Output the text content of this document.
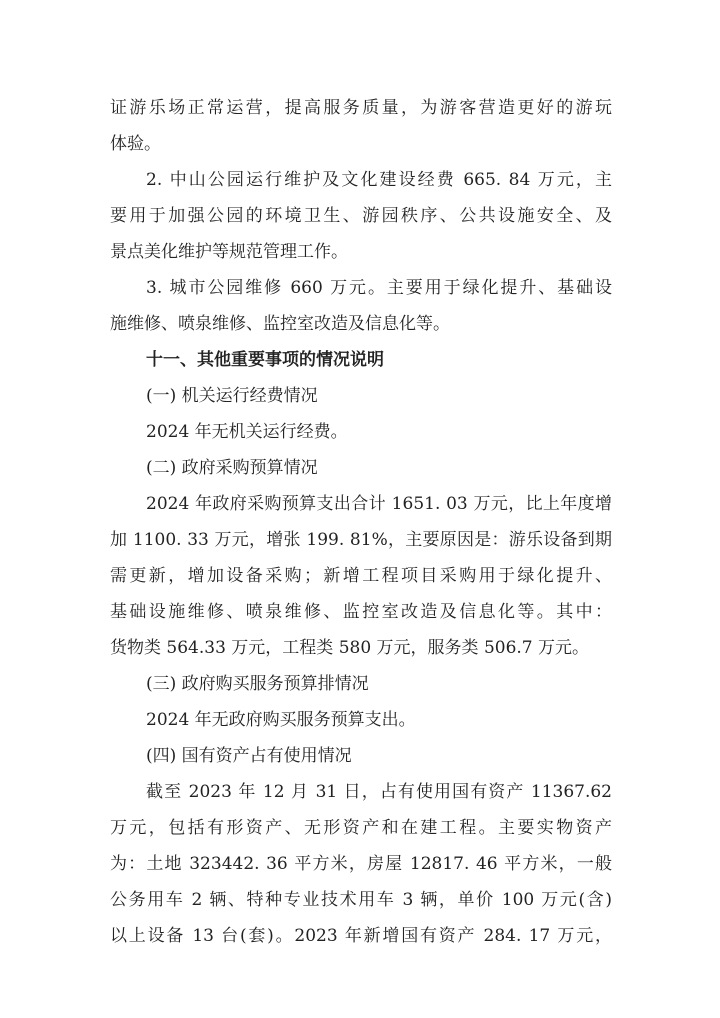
证游乐场正常运营，提高服务质量，为游客营造更好的游玩
体验。
2. 中山公园运行维护及文化建设经费 665. 84 万元，主
要用于加强公园的环境卫生、游园秩序、公共设施安全、及
景点美化维护等规范管理工作。
3. 城市公园维修 660 万元。主要用于绿化提升、基础设
施维修、喷泉维修、监控室改造及信息化等。
十一、其他重要事项的情况说明
(一) 机关运行经费情况
2024 年无机关运行经费。
(二) 政府采购预算情况
2024 年政府采购预算支出合计 1651. 03 万元，比上年度增
加 1100. 33 万元，增张 199. 81%，主要原因是：游乐设备到期
需更新，增加设备采购；新增工程项目采购用于绿化提升、
基础设施维修、喷泉维修、监控室改造及信息化等。其中：
货物类 564.33 万元，工程类 580 万元，服务类 506.7 万元。
(三) 政府购买服务预算排情况
2024 年无政府购买服务预算支出。
(四) 国有资产占有使用情况
截至 2023 年 12 月 31 日，占有使用国有资产 11367.62
万元，包括有形资产、无形资产和在建工程。主要实物资产
为：土地 323442. 36 平方米，房屋 12817. 46 平方米，一般
公务用车 2 辆、特种专业技术用车 3 辆，单价 100 万元(含)
以上设备 13 台(套)。2023 年新增国有资产 284. 17 万元，
